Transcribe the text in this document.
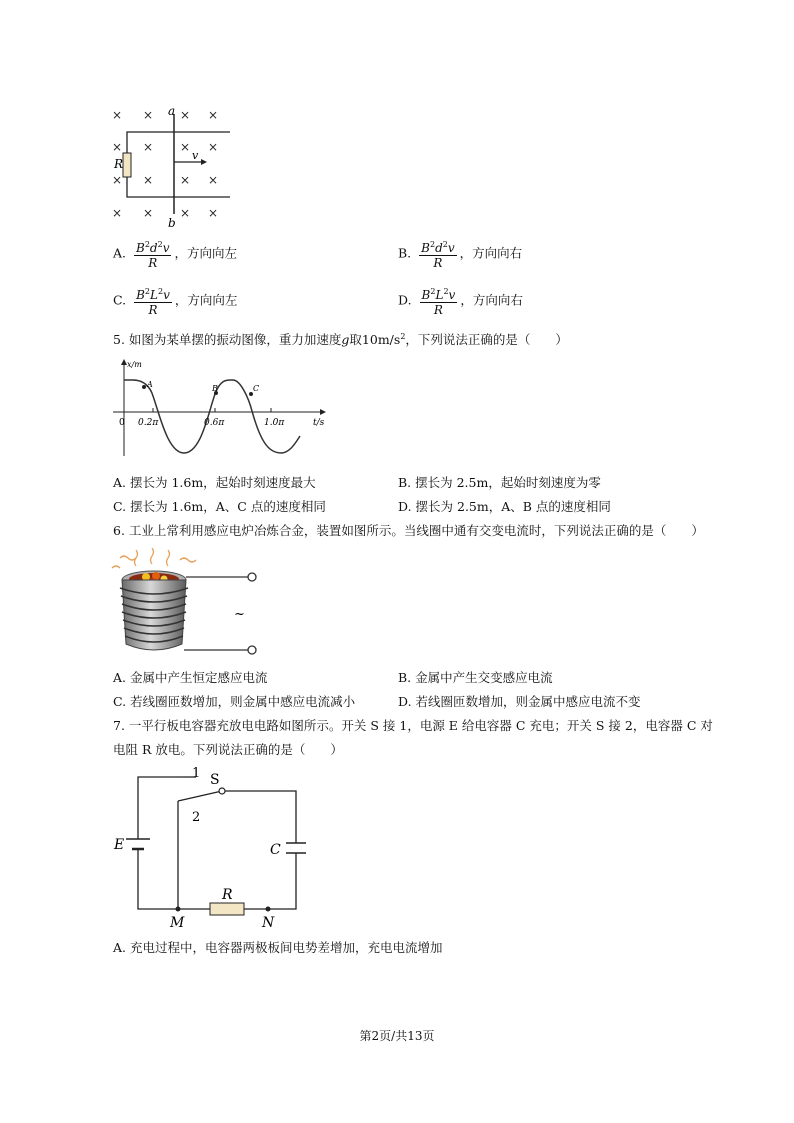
× × × ×
× × × ×
× × × ×
× × × ×
a
b
R
v
A. $\frac{B^2d^2v}{R}$ ，方向向左	B. $\frac{B^2d^2v}{R}$ ，方向向右
C. $\frac{B^2L^2v}{R}$ ，方向向左	D. $\frac{B^2L^2v}{R}$ ，方向向右
5. 如图为某单摆的振动图像，重力加速度g取$10m/s^2$，下列说法正确的是（　　）
x/m
t/s
0 0.2π	0.6π	1.0π
A	B	C
A. 摆长为 1.6m，起始时刻速度最大	B. 摆长为 2.5m，起始时刻速度为零
C. 摆长为 1.6m，A、C 点的速度相同	D. 摆长为 2.5m，A、B 点的速度相同
6. 工业上常利用感应电炉冶炼合金，装置如图所示。当线圈中通有交变电流时，下列说法正确的是（　　）
~
A. 金属中产生恒定感应电流	B. 金属中产生交变感应电流
C. 若线圈匝数增加，则金属中感应电流减小	D. 若线圈匝数增加，则金属中感应电流不变
7. 一平行板电容器充放电电路如图所示。开关 S 接 1，电源 E 给电容器 C 充电；开关 S 接 2，电容器 C 对
电阻 R 放电。下列说法正确的是（　　）
1
2
S
E	C
R
M	N
A. 充电过程中，电容器两极板间电势差增加，充电电流增加
第2页/共13页
